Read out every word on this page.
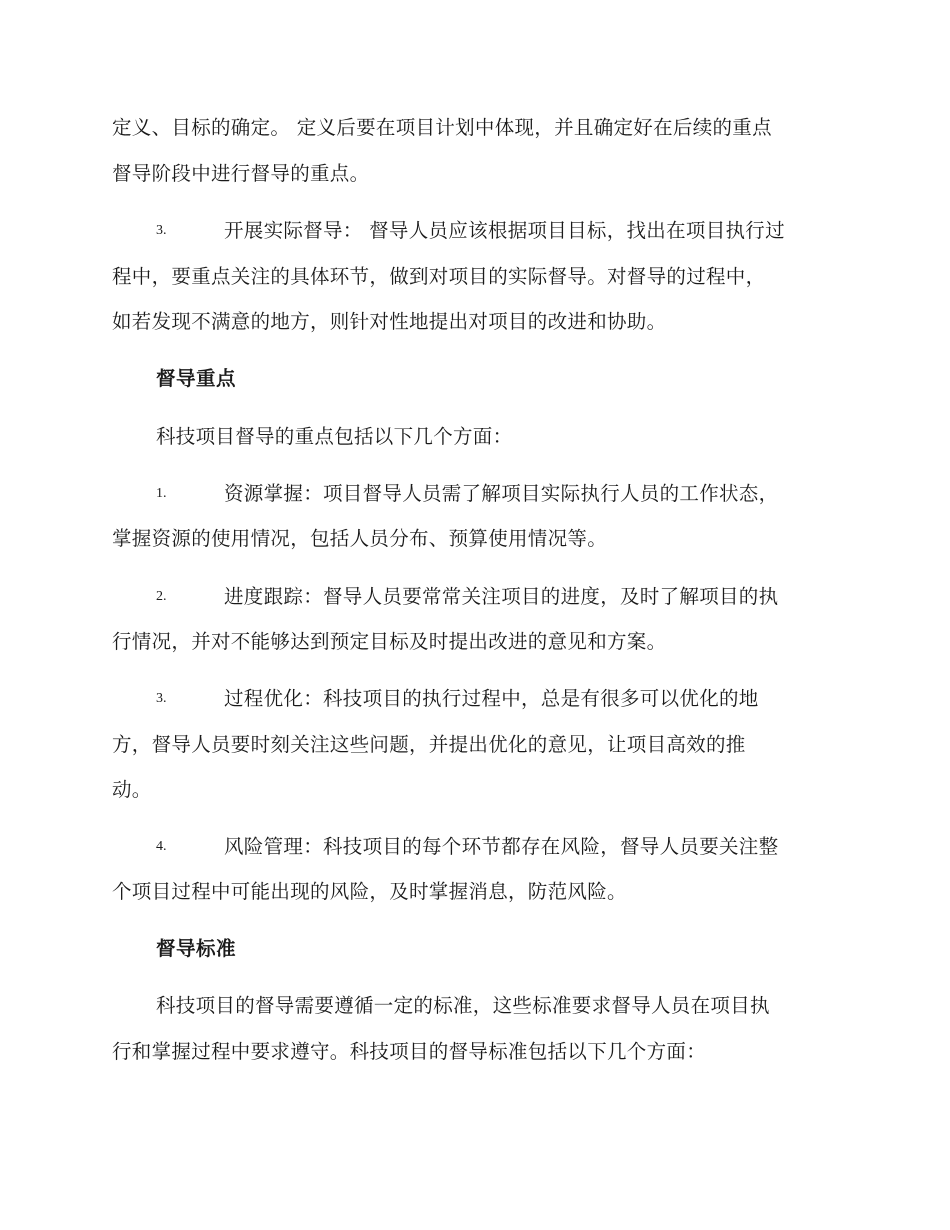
定义、目标的确定。 定义后要在项目计划中体现，并且确定好在后续的重点
督导阶段中进行督导的重点。
3.	开展实际督导： 督导人员应该根据项目目标，找出在项目执行过
程中，要重点关注的具体环节，做到对项目的实际督导。对督导的过程中，
如若发现不满意的地方，则针对性地提出对项目的改进和协助。
督导重点
科技项目督导的重点包括以下几个方面：
1.	资源掌握：项目督导人员需了解项目实际执行人员的工作状态，
掌握资源的使用情况，包括人员分布、预算使用情况等。
2.	进度跟踪：督导人员要常常关注项目的进度，及时了解项目的执
行情况，并对不能够达到预定目标及时提出改进的意见和方案。
3.	过程优化：科技项目的执行过程中，总是有很多可以优化的地
方，督导人员要时刻关注这些问题，并提出优化的意见，让项目高效的推
动。
4.	风险管理：科技项目的每个环节都存在风险，督导人员要关注整
个项目过程中可能出现的风险，及时掌握消息，防范风险。
督导标准
科技项目的督导需要遵循一定的标准，这些标准要求督导人员在项目执
行和掌握过程中要求遵守。科技项目的督导标准包括以下几个方面：
